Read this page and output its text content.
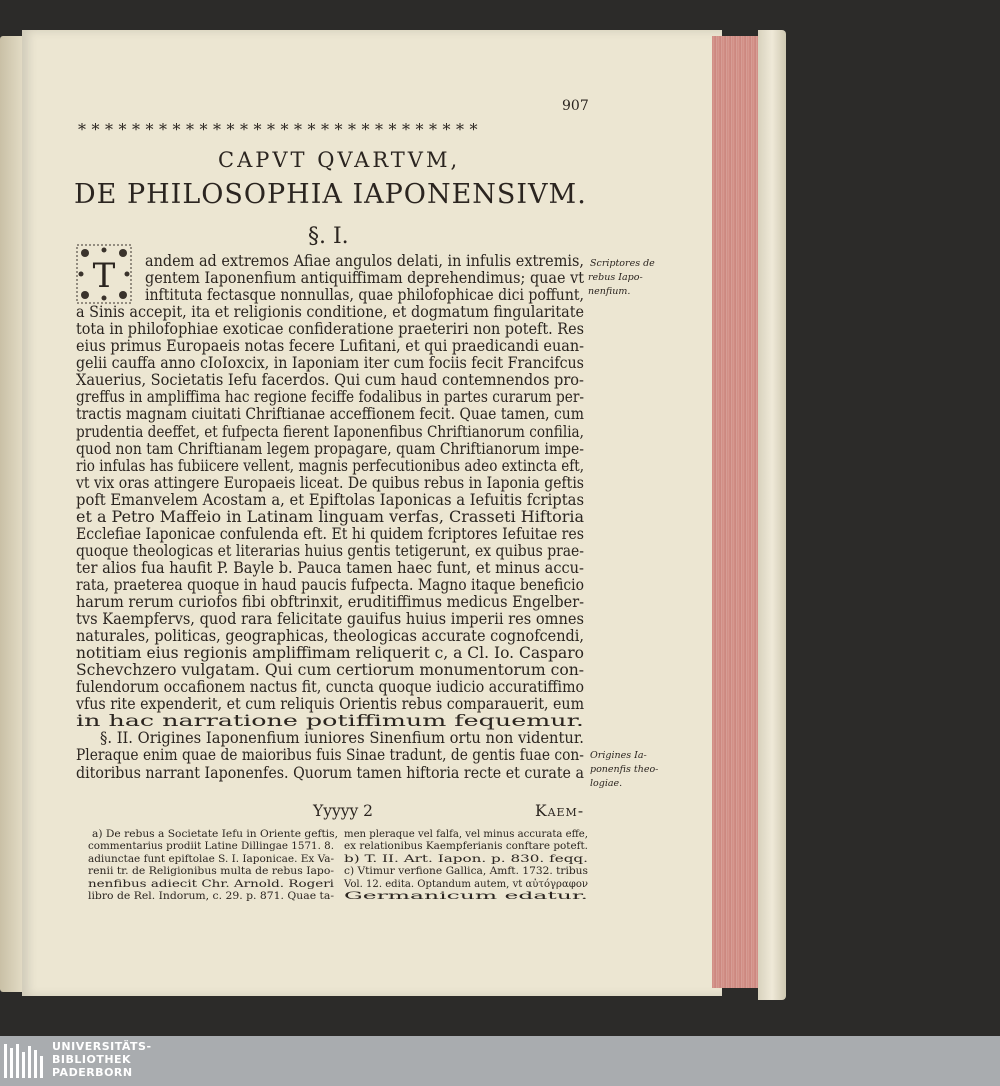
907
******************************
CAPVT QVARTVM,
DE PHILOSOPHIA IAPONENSIVM.
§. I.
T andem ad extremos Afiae angulos delati, in infulis extremis,
gentem Iaponenfium antiquiffimam deprehendimus; quae vt
inftituta fectasque nonnullas, quae philofophicae dici poffunt,
a Sinis accepit, ita et religionis conditione, et dogmatum fingularitate
tota in philofophiae exoticae confideratione praeteriri non poteft. Res
eius primus Europaeis notas fecere Lufitani, et qui praedicandi euan-
gelii cauffa anno cIoIoxcix, in Iaponiam iter cum fociis fecit Francifcus
Xauerius, Societatis Iefu facerdos. Qui cum haud contemnendos pro-
greffus in ampliffima hac regione feciffe fodalibus in partes curarum per-
tractis magnam ciuitati Chriftianae acceffionem fecit. Quae tamen, cum
prudentia deeffet, et fufpecta fierent Iaponenfibus Chriftianorum confilia,
quod non tam Chriftianam legem propagare, quam Chriftianorum impe-
rio infulas has fubiicere vellent, magnis perfecutionibus adeo extincta eft,
vt vix oras attingere Europaeis liceat. De quibus rebus in Iaponia geftis
poft Emanvelem Acostam a, et Epiftolas Iaponicas a Iefuitis fcriptas
et a Petro Maffeio in Latinam linguam verfas, Crasseti Hiftoria
Ecclefiae Iaponicae confulenda eft. Et hi quidem fcriptores Iefuitae res
quoque theologicas et literarias huius gentis tetigerunt, ex quibus prae-
ter alios fua haufit P. Bayle b. Pauca tamen haec funt, et minus accu-
rata, praeterea quoque in haud paucis fufpecta. Magno itaque beneficio
harum rerum curiofos fibi obftrinxit, eruditiffimus medicus Engelber-
tvs Kaempfervs, quod rara felicitate gauifus huius imperii res omnes
naturales, politicas, geographicas, theologicas accurate cognofcendi,
notitiam eius regionis ampliffimam reliquerit c, a Cl. Io. Casparo
Schevchzero vulgatam. Qui cum certiorum monumentorum con-
fulendorum occafionem nactus fit, cuncta quoque iudicio accuratiffimo
vfus rite expenderit, et cum reliquis Orientis rebus comparauerit, eum
in hac narratione potiffimum fequemur.
§. II. Origines Iaponenfium iuniores Sinenfium ortu non videntur.
Pleraque enim quae de maioribus fuis Sinae tradunt, de gentis fuae con-
ditoribus narrant Iaponenfes. Quorum tamen hiftoria recte et curate a
Scriptores de
rebus Iapo-
nenfium.
Origines Ia-
ponenfis theo-
logiae.
Yyyyy 2	Kaem-
a) De rebus a Societate Iefu in Oriente geftis,
commentarius prodiit Latine Dillingae 1571. 8.
adiunctae funt epiftolae S. I. Iaponicae. Ex Va-
renii tr. de Religionibus multa de rebus Iapo-
nenfibus adiecit Chr. Arnold. Rogeri
libro de Rel. Indorum, c. 29. p. 871. Quae ta-
men pleraque vel falfa, vel minus accurata effe,
ex relationibus Kaempferianis conftare poteft.
b) T. II. Art. Iapon. p. 830. feqq.
c) Vtimur verfione Gallica, Amft. 1732. tribus
Vol. 12. edita. Optandum autem, vt αὐτόγραφον
Germanicum edatur.
UNIVERSITÄTS-
BIBLIOTHEK
PADERBORN
